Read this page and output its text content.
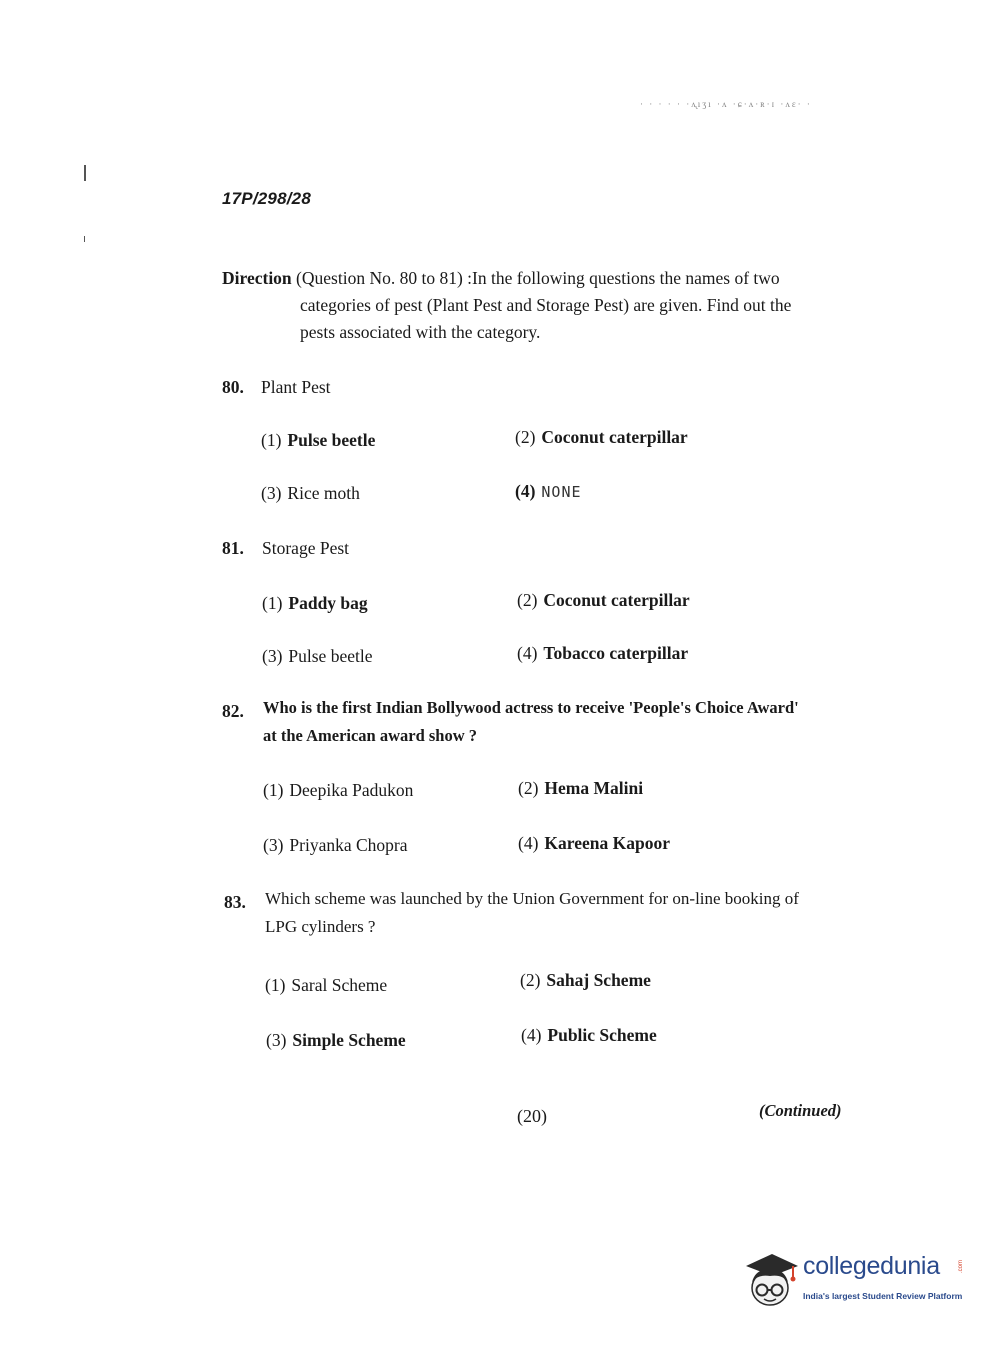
· · · · · ·ʌ̢ıʒı ·ʌ ·ɕ·ʌ·ʀ·ɪ ·ʌɛ· ·
17P/298/28
Direction (Question No. 80 to 81) :In the following questions the names of two
categories of pest (Plant Pest and Storage Pest) are given. Find out the
pests associated with the category.
80. Plant Pest
(1) Pulse beetle	(2) Coconut caterpillar
(3) Rice moth	(4) NONE
81. Storage Pest
(1) Paddy bag	(2) Coconut caterpillar
(3) Pulse beetle	(4) Tobacco caterpillar
82. Who is the first Indian Bollywood actress to receive 'People's Choice Award'
at the American award show ?
(1) Deepika Padukon	(2) Hema Malini
(3) Priyanka Chopra	(4) Kareena Kapoor
83. Which scheme was launched by the Union Government for on-line booking of
LPG cylinders ?
(1) Saral Scheme	(2) Sahaj Scheme
(3) Simple Scheme	(4) Public Scheme
(20)	(Continued)
collegedunia	.com
India's largest Student Review Platform
